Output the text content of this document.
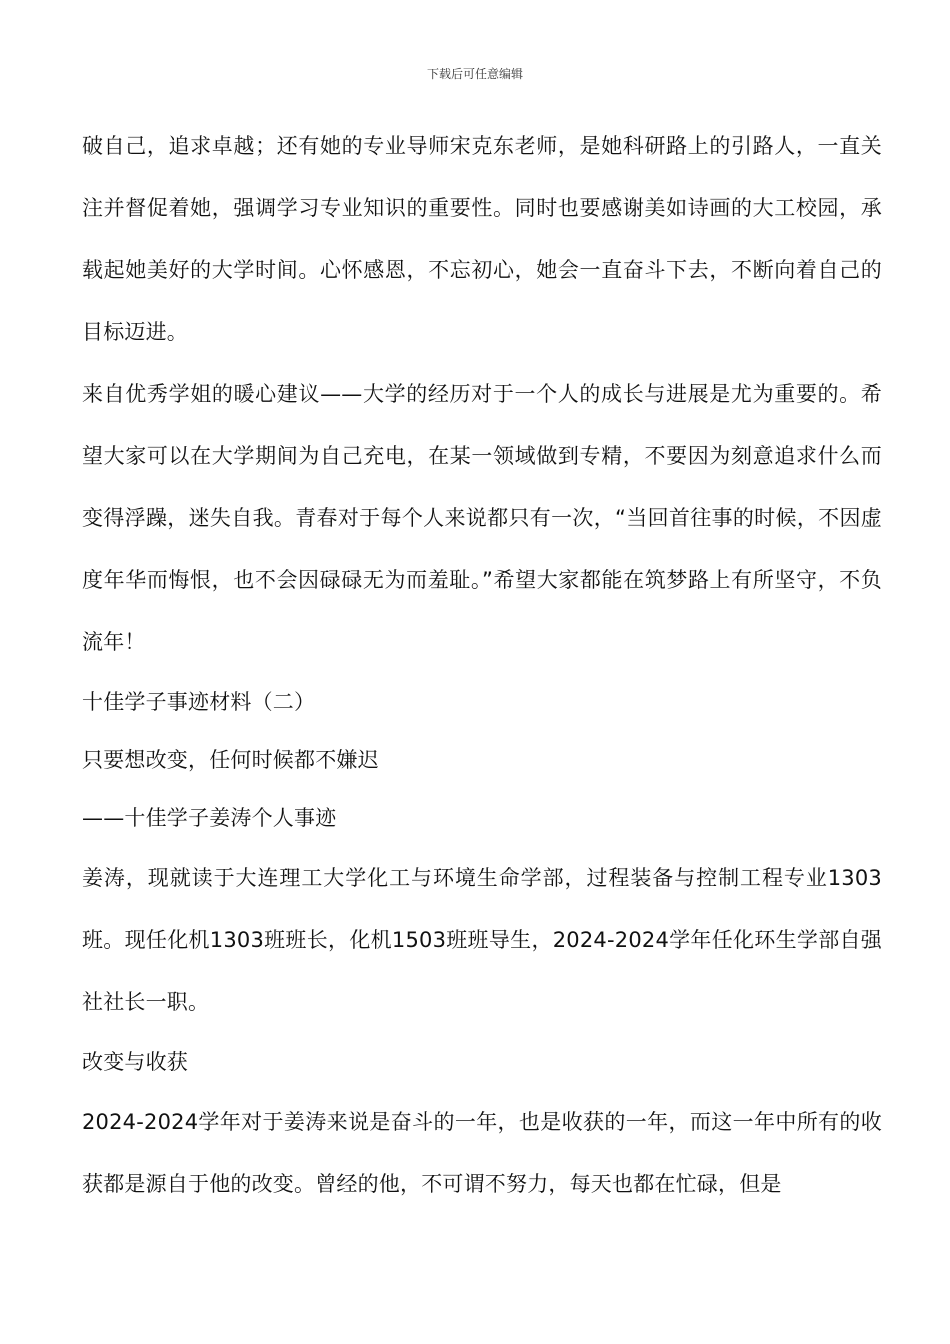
下载后可任意编辑

破自己，追求卓越；还有她的专业导师宋克东老师，是她科研路上的引路人，一直关注并督促着她，强调学习专业知识的重要性。同时也要感谢美如诗画的大工校园，承载起她美好的大学时间。心怀感恩，不忘初心，她会一直奋斗下去，不断向着自己的目标迈进。

来自优秀学姐的暖心建议——大学的经历对于一个人的成长与进展是尤为重要的。希望大家可以在大学期间为自己充电，在某一领域做到专精，不要因为刻意追求什么而变得浮躁，迷失自我。青春对于每个人来说都只有一次，“当回首往事的时候，不因虚度年华而悔恨，也不会因碌碌无为而羞耻。”希望大家都能在筑梦路上有所坚守，不负流年！

十佳学子事迹材料（二）

只要想改变，任何时候都不嫌迟

——十佳学子姜涛个人事迹

姜涛，现就读于大连理工大学化工与环境生命学部，过程装备与控制工程专业1303班。现任化机1303班班长，化机1503班班导生，2024-2024学年任化环生学部自强社社长一职。

改变与收获

2024-2024学年对于姜涛来说是奋斗的一年，也是收获的一年，而这一年中所有的收获都是源自于他的改变。曾经的他，不可谓不努力，每天也都在忙碌，但是
